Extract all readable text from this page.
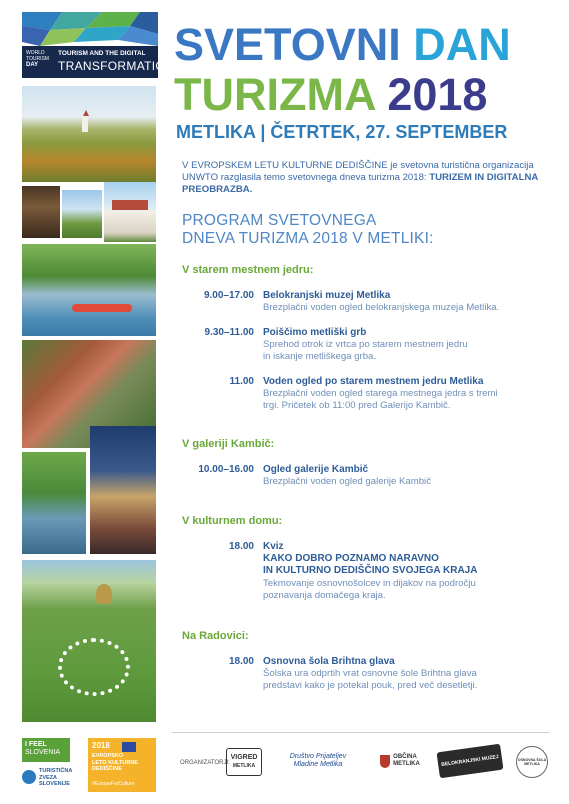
WORLD
TOURISM
DAY
TOURISM AND THE DIGITAL
TRANSFORMATION SVETOVNI DAN
TURIZMA 2018
METLIKA | ČETRTEK, 27. SEPTEMBER
V EVROPSKEM LETU KULTURNE DEDIŠČINE je svetovna turistična organizacija UNWTO razglasila temo svetovnega dneva turizma 2018: TURIZEM IN DIGITALNA PREOBRAZBA.
PROGRAM SVETOVNEGA
DNEVA TURIZMA 2018 V METLIKI:
V starem mestnem jedru:
9.00–17.00 Belokranjski muzej Metlika
Brezplačni voden ogled belokranjskega muzeja Metlika.
9.30–11.00 Poiščimo metliški grb
Sprehod otrok iz vrtca po starem mestnem jedru
in iskanje metliškega grba.
11.00 Voden ogled po starem mestnem jedru Metlika
Brezplačni voden ogled starega mestnega jedra s tremi
trgi. Pričetek ob 11:00 pred Galerijo Kambič.
V galeriji Kambič:
10.00–16.00 Ogled galerije Kambič
Brezplačni voden ogled galerije Kambič
V kulturnem domu:
18.00 Kviz
KAKO DOBRO POZNAMO NARAVNO
IN KULTURNO DEDIŠČINO SVOJEGA KRAJA
Tekmovanje osnovnošolcev in dijakov na področju
poznavanja domačega kraja.
Na Radovici:
18.00 Osnovna šola Brihtna glava
Šolska ura odprtih vrat osnovne šole Brihtna glava
predstavi kako je potekal pouk, pred več desetletji.
I FEEL
SLOVENIA
TURISTIČNA
ZVEZA
SLOVENIJE
2018
EVROPSKO
LETO KULTURNE
DEDIŠČINE
#EuropeForCulture
ORGANIZATORJI:
VIGRED
METLIKA
Društvo Prijateljev
Mladine Metlika
OBČINA
METLIKA	BELOKRANJSKI MUZEJ	OSNOVNA ŠOLA METLIKA
